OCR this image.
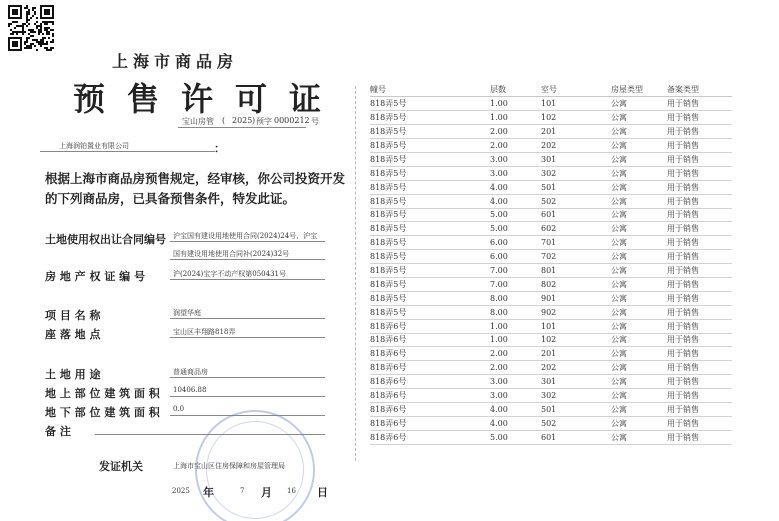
上海市商品房
预售许可证
宝山房管 ( 2025 ) 预字 0000212 号
上海润铂置业有限公司	：
根据上海市商品房预售规定，经审核，你公司投资开发的下列商品房，已具备预售条件，特发此证。
土地使用权出让合同编号 沪宝国有建设用地使用合同(2024)24号、沪宝
国有建设用地使用合同补(2024)32号
房 地 产 权 证 编 号	沪(2024)宝字不动产权第050431号
项 目 名 称	润望华庭
座 落 地 点	宝山区丰翔路818弄
土 地 用 途	普通商品房
地 上 部 位 建 筑 面 积 10406.88
地 下 部 位 建 筑 面 积 0.0
备 注
发证机关	上海市宝山区住房保障和房屋管理局
2025 年	7 月 16 日
幢号	层数	室号	房屋类型	备案类型
818弄5号	1.00	101	公寓	用于销售
818弄5号	1.00	102	公寓	用于销售
818弄5号	2.00	201	公寓	用于销售
818弄5号	2.00	202	公寓	用于销售
818弄5号	3.00	301	公寓	用于销售
818弄5号	3.00	302	公寓	用于销售
818弄5号	4.00	501	公寓	用于销售
818弄5号	4.00	502	公寓	用于销售
818弄5号	5.00	601	公寓	用于销售
818弄5号	5.00	602	公寓	用于销售
818弄5号	6.00	701	公寓	用于销售
818弄5号	6.00	702	公寓	用于销售
818弄5号	7.00	801	公寓	用于销售
818弄5号	7.00	802	公寓	用于销售
818弄5号	8.00	901	公寓	用于销售
818弄5号	8.00	902	公寓	用于销售
818弄6号	1.00	101	公寓	用于销售
818弄6号	1.00	102	公寓	用于销售
818弄6号	2.00	201	公寓	用于销售
818弄6号	2.00	202	公寓	用于销售
818弄6号	3.00	301	公寓	用于销售
818弄6号	3.00	302	公寓	用于销售
818弄6号	4.00	501	公寓	用于销售
818弄6号	4.00	502	公寓	用于销售
818弄6号	5.00	601	公寓	用于销售
